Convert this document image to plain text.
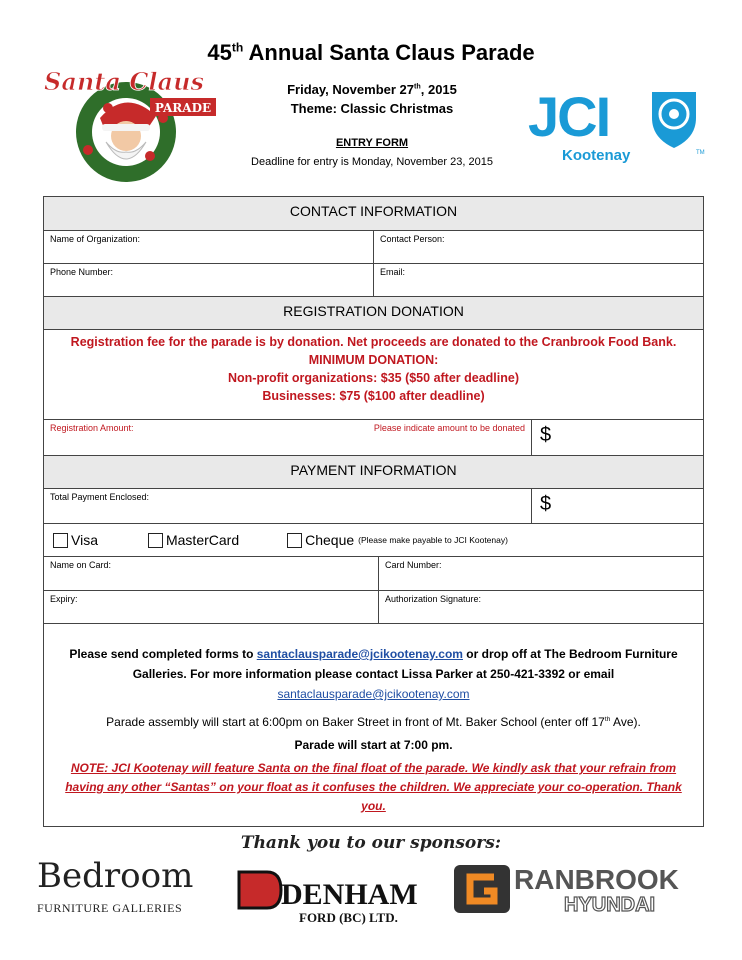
45th Annual Santa Claus Parade
Friday, November 27th, 2015
Theme: Classic Christmas
ENTRY FORM
Deadline for entry is Monday, November 23, 2015
Santa Claus
PARADE	JCI
Kootenay	TM
CONTACT INFORMATION
Name of Organization:	Contact Person:
Phone Number:	Email:
REGISTRATION DONATION
Registration fee for the parade is by donation. Net proceeds are donated to the Cranbrook Food Bank.
MINIMUM DONATION:
Non-profit organizations: $35 ($50 after deadline)
Businesses: $75 ($100 after deadline)
Registration Amount:	Please indicate amount to be donated $
PAYMENT INFORMATION
Total Payment Enclosed:	$
Visa	MasterCard	Cheque (Please make payable to JCI Kootenay)
Name on Card:	Card Number:
Expiry:	Authorization Signature:
Please send completed forms to santaclausparade@jcikootenay.com or drop off at The Bedroom Furniture Galleries. For more information please contact Lissa Parker at 250-421-3392 or email
santaclausparade@jcikootenay.com
Parade assembly will start at 6:00pm on Baker Street in front of Mt. Baker School (enter off 17th Ave).
Parade will start at 7:00 pm.
NOTE: JCI Kootenay will feature Santa on the final float of the parade. We kindly ask that your refrain from having any other “Santas” on your float as it confuses the children. We appreciate your co-operation. Thank you.
Thank you to our sponsors:
Bedroom
FURNITURE GALLERIES	DENHAM
FORD (BC) LTD.
RANBROOK
HYUNDAI
